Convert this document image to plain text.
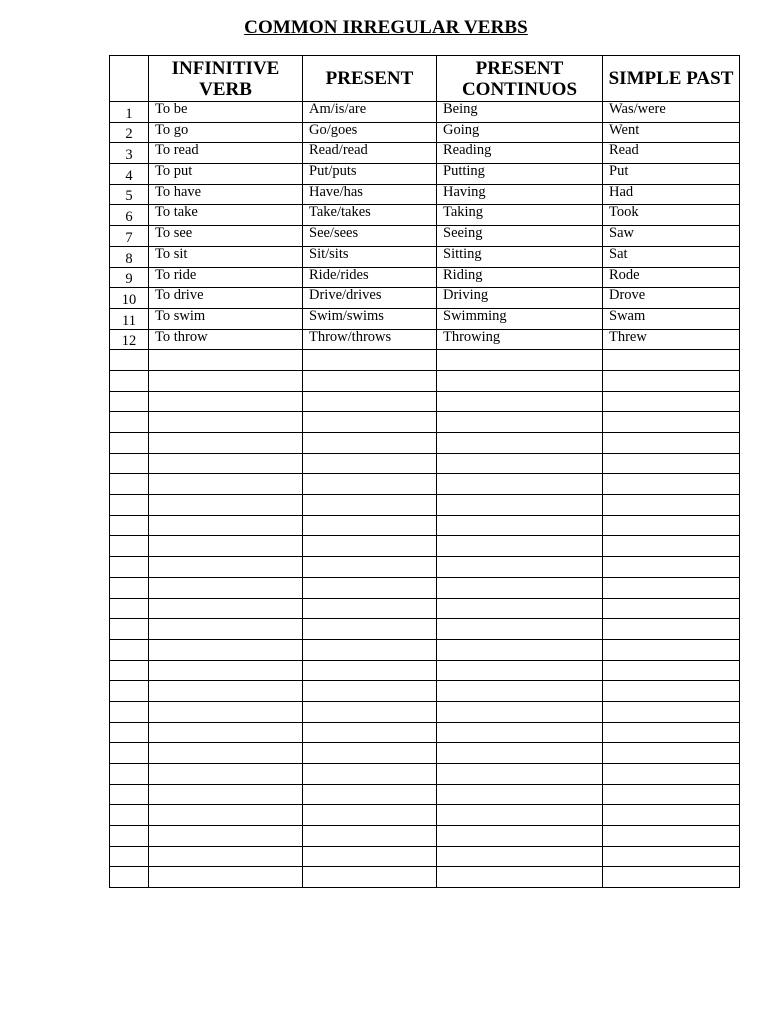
COMMON IRREGULAR VERBS
	INFINITIVE VERB	PRESENT	PRESENT CONTINUOS	SIMPLE PAST
1	To be	Am/is/are	Being	Was/were
2	To go	Go/goes	Going	Went
3	To read	Read/read	Reading	Read
4	To put	Put/puts	Putting	Put
5	To have	Have/has	Having	Had
6	To take	Take/takes	Taking	Took
7	To see	See/sees	Seeing	Saw
8	To sit	Sit/sits	Sitting	Sat
9	To ride	Ride/rides	Riding	Rode
10	To drive	Drive/drives	Driving	Drove
11	To swim	Swim/swims	Swimming	Swam
12	To throw	Throw/throws	Throwing	Threw
